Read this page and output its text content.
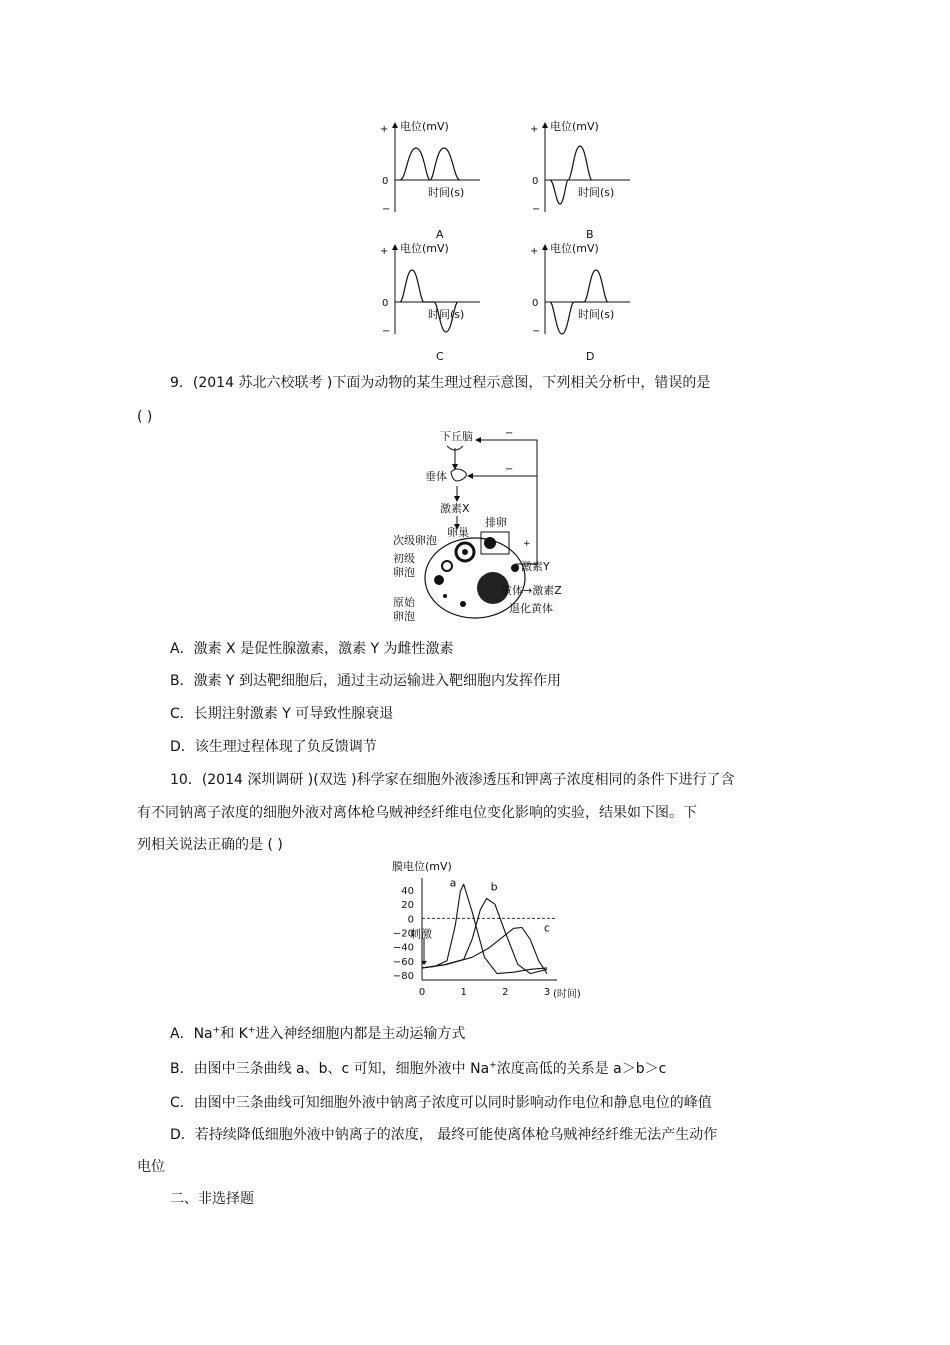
+
0
−
电位(mV)
时间(s)
A
+
0
−
电位(mV)
时间(s)
B
+
0
−
电位(mV)
时间(s)
C
+
0
−
电位(mV)
时间(s)
D
9．(2014 苏北六校联考 )下面为动物的某生理过程示意图，下列相关分析中，错误的是
( )
−
−
下丘脑
垂体
激素X
卵巢
排卵
+
次级卵泡
初级
卵泡
原始
卵泡
激素Y
黄体→激素Z
退化黄体
A．激素 X 是促性腺激素，激素 Y 为雌性激素
B．激素 Y 到达靶细胞后，通过主动运输进入靶细胞内发挥作用
C．长期注射激素 Y 可导致性腺衰退
D．该生理过程体现了负反馈调节
10．(2014 深圳调研 )(双选 )科学家在细胞外液渗透压和钾离子浓度相同的条件下进行了含
有不同钠离子浓度的细胞外液对离体枪乌贼神经纤维电位变化影响的实验，结果如下图。下
列相关说法正确的是 ( )
膜电位(mV)
40
20
0
−20
−40
−60
−80
0	1	2	3 (时间)
刺激
a	b
c
A．Na+和 K+进入神经细胞内都是主动运输方式
B．由图中三条曲线 a、b、c 可知，细胞外液中 Na+浓度高低的关系是 a＞b＞c
C．由图中三条曲线可知细胞外液中钠离子浓度可以同时影响动作电位和静息电位的峰值
D．若持续降低细胞外液中钠离子的浓度， 最终可能使离体枪乌贼神经纤维无法产生动作
电位
二、非选择题
